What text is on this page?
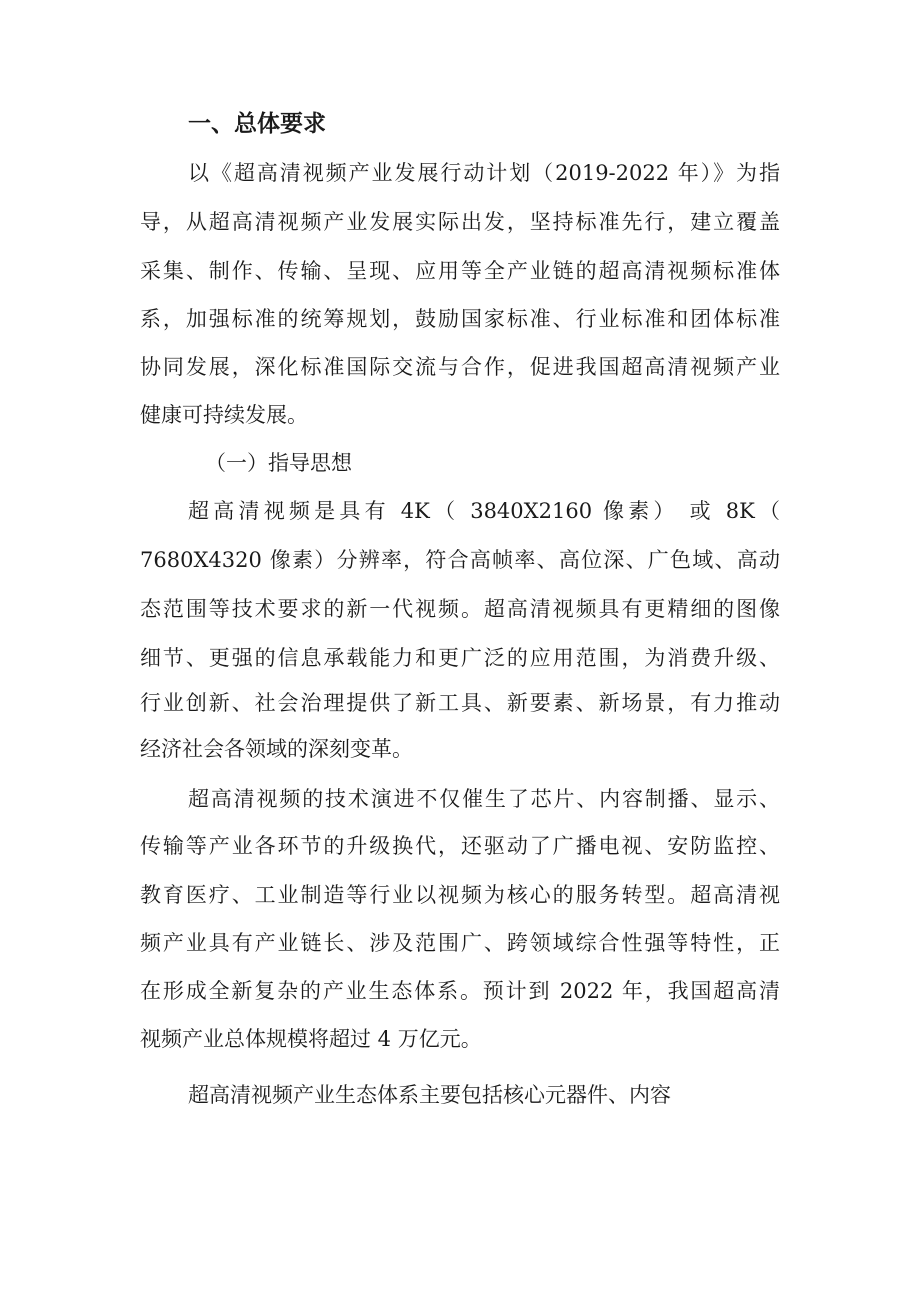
一、总体要求
以《超高清视频产业发展行动计划（2019-2022 年）》为指
导，从超高清视频产业发展实际出发，坚持标准先行，建立覆盖
采集、制作、传输、呈现、应用等全产业链的超高清视频标准体
系，加强标准的统筹规划，鼓励国家标准、行业标准和团体标准
协同发展，深化标准国际交流与合作，促进我国超高清视频产业
健康可持续发展。
（一）指导思想
超高清视频是具有 4K（ 3840X2160 像素） 或 8K（
7680X4320 像素）分辨率，符合高帧率、高位深、广色域、高动
态范围等技术要求的新一代视频。超高清视频具有更精细的图像
细节、更强的信息承载能力和更广泛的应用范围，为消费升级、
行业创新、社会治理提供了新工具、新要素、新场景，有力推动
经济社会各领域的深刻变革。
超高清视频的技术演进不仅催生了芯片、内容制播、显示、
传输等产业各环节的升级换代，还驱动了广播电视、安防监控、
教育医疗、工业制造等行业以视频为核心的服务转型。超高清视
频产业具有产业链长、涉及范围广、跨领域综合性强等特性，正
在形成全新复杂的产业生态体系。预计到 2022 年，我国超高清
视频产业总体规模将超过 4 万亿元。
超高清视频产业生态体系主要包括核心元器件、内容
